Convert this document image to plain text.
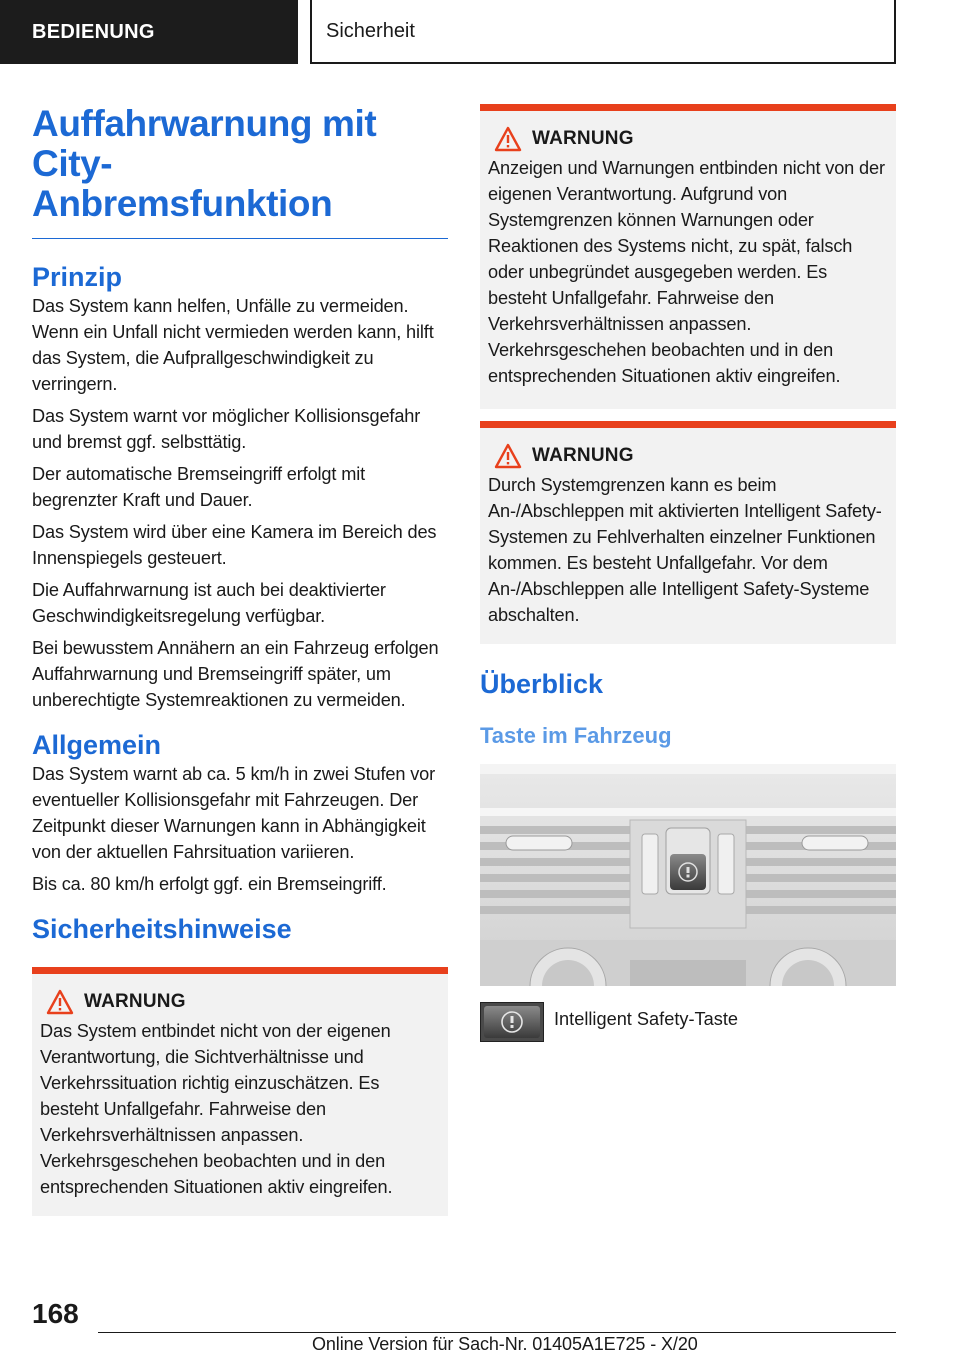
BEDIENUNG	Sicherheit
Auffahrwarnung mit City-
Anbremsfunktion
Prinzip

Das System kann helfen, Unfälle zu vermeiden. Wenn ein Unfall nicht vermieden werden kann, hilft das System, die Aufprallgeschwindigkeit zu verringern.

Das System warnt vor möglicher Kollisionsgefahr und bremst ggf. selbsttätig.

Der automatische Bremseingriff erfolgt mit begrenzter Kraft und Dauer.

Das System wird über eine Kamera im Bereich des Innenspiegels gesteuert.

Die Auffahrwarnung ist auch bei deaktivierter Geschwindigkeitsregelung verfügbar.

Bei bewusstem Annähern an ein Fahrzeug erfolgen Auffahrwarnung und Bremseingriff später, um unberechtigte Systemreaktionen zu vermeiden.

Allgemein

Das System warnt ab ca. 5 km/h in zwei Stufen vor eventueller Kollisionsgefahr mit Fahrzeugen. Der Zeitpunkt dieser Warnungen kann in Abhängigkeit von der aktuellen Fahrsituation variieren.

Bis ca. 80 km/h erfolgt ggf. ein Bremseingriff.

Sicherheitshinweise
WARNUNG

Das System entbindet nicht von der eigenen Verantwortung, die Sichtverhältnisse und Verkehrssituation richtig einzuschätzen. Es besteht Unfallgefahr. Fahrweise den Verkehrsverhältnissen anpassen. Verkehrsgeschehen beobachten und in den entsprechenden Situationen aktiv eingreifen.

WARNUNG

Anzeigen und Warnungen entbinden nicht von der eigenen Verantwortung. Aufgrund von Systemgrenzen können Warnungen oder Reaktionen des Systems nicht, zu spät, falsch oder unbegründet ausgegeben werden. Es besteht Unfallgefahr. Fahrweise den Verkehrsverhältnissen anpassen. Verkehrsgeschehen beobachten und in den entsprechenden Situationen aktiv eingreifen.

WARNUNG

Durch Systemgrenzen kann es beim An-/Abschleppen mit aktivierten Intelligent Safety-Systemen zu Fehlverhalten einzelner Funktionen kommen. Es besteht Unfallgefahr. Vor dem An-/Abschleppen alle Intelligent Safety-Systeme abschalten.

Überblick
Taste im Fahrzeug
Intelligent Safety-Taste
168
Online Version für Sach-Nr. 01405A1E725 - X/20
